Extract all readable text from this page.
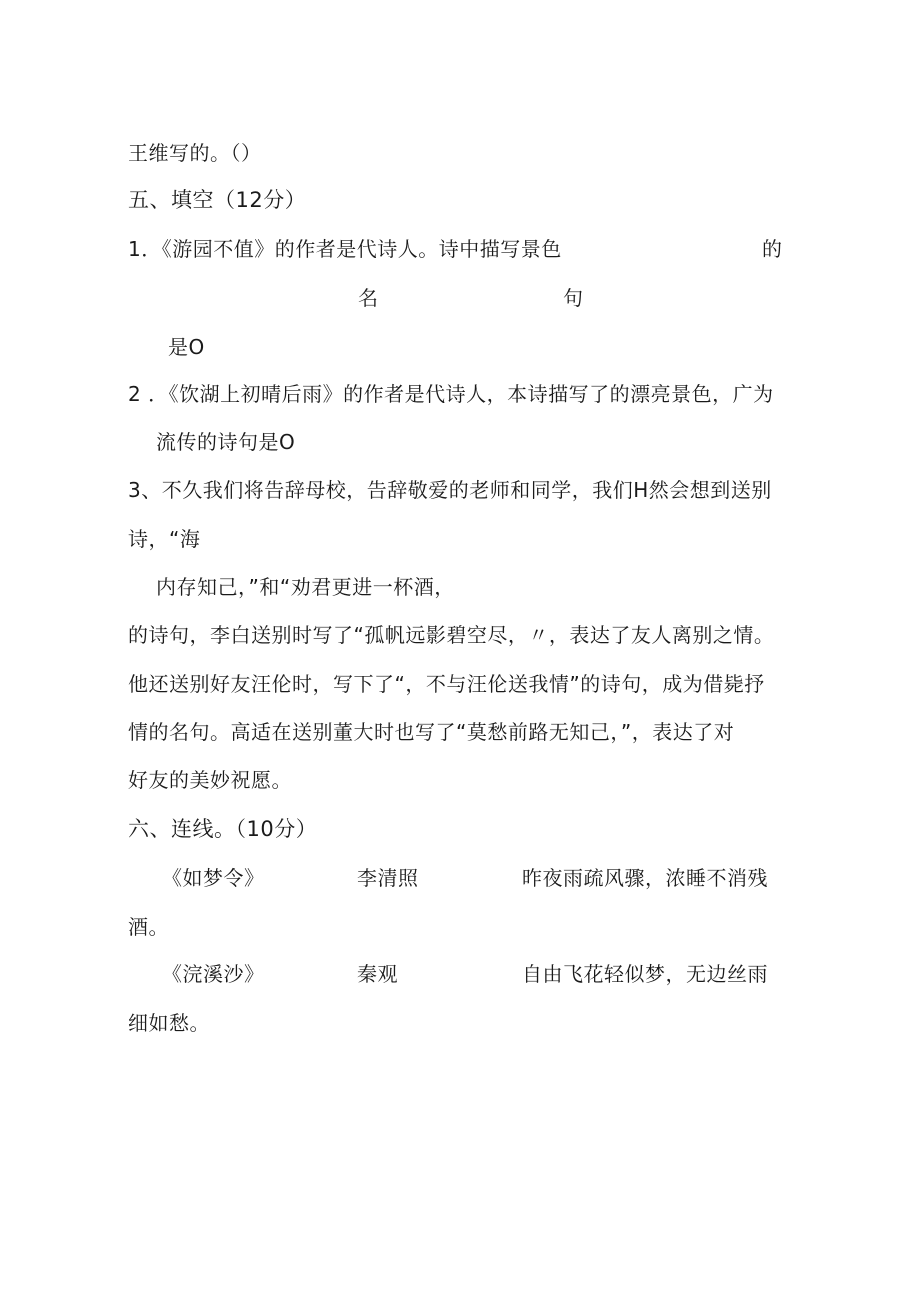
王维写的。（）
五、填空（12分）
1．《游园不值》的作者是代诗人。诗中描写景色	的
名	句
是O
2 ．《饮湖上初晴后雨》的作者是代诗人，本诗描写了的漂亮景色，广为
流传的诗句是O
3、不久我们将告辞母校，告辞敬爱的老师和同学，我们H然会想到送别
诗，“海
内存知己，”和“劝君更进一杯酒，
的诗句，李白送别时写了“孤帆远影碧空尽，〃，表达了友人离别之情。
他还送别好友汪伦时，写下了“，不与汪伦送我情”的诗句，成为借毙抒
情的名句。高适在送别董大时也写了“莫愁前路无知己，”，表达了对
好友的美妙祝愿。
六、连线。（10分）
《如梦令》	李清照	昨夜雨疏风骤，浓睡不消残
酒。
《浣溪沙》	秦观	自由飞花轻似梦，无边丝雨
细如愁。
